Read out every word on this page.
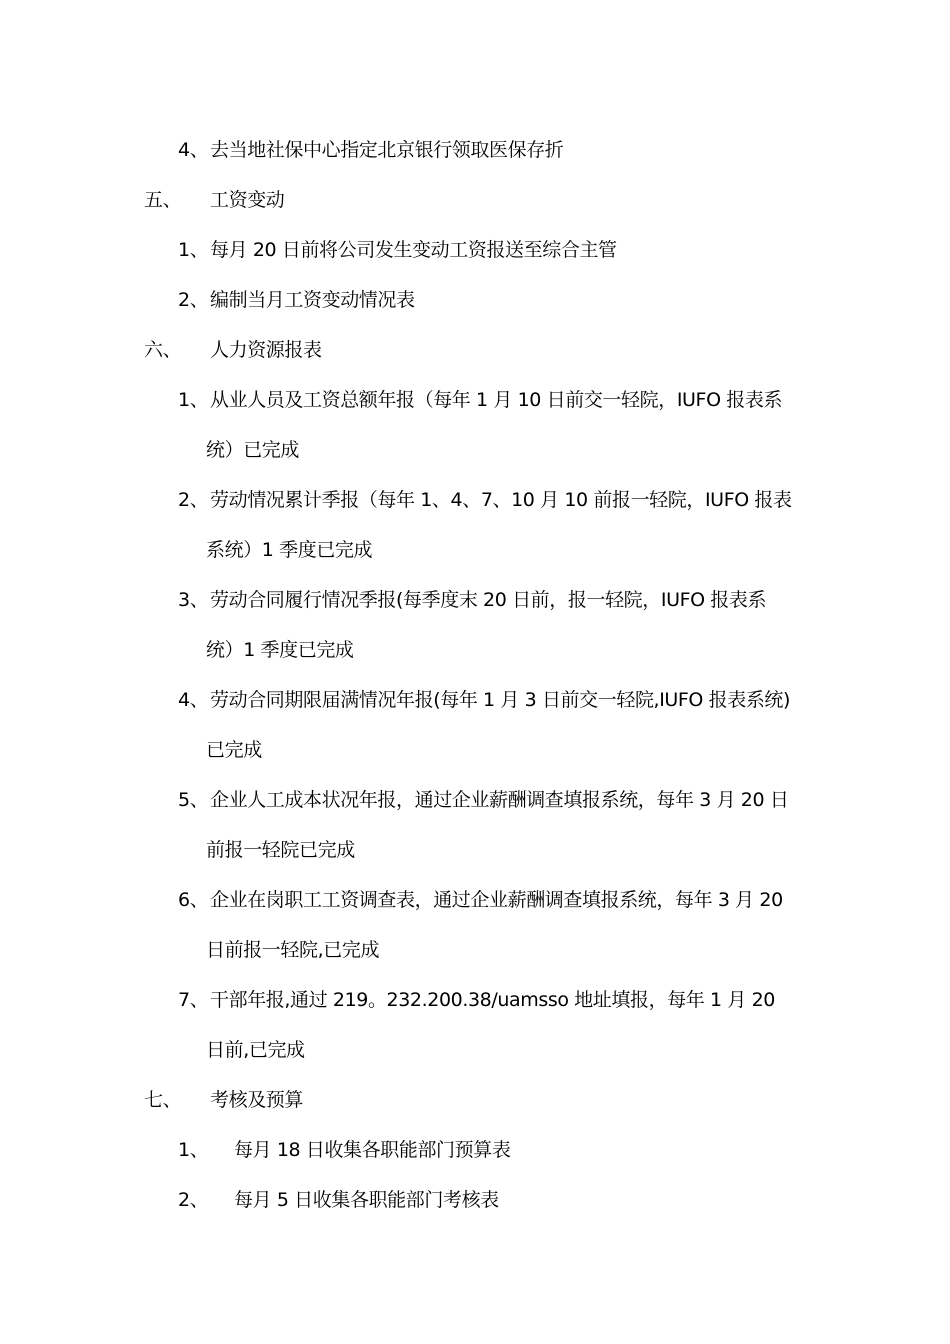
4、去当地社保中心指定北京银行领取医保存折
五、 工资变动
1、每月 20 日前将公司发生变动工资报送至综合主管
2、编制当月工资变动情况表
六、 人力资源报表
1、从业人员及工资总额年报（每年 1 月 10 日前交一轻院，IUFO 报表系
统）已完成
2、劳动情况累计季报（每年 1、4、7、10 月 10 前报一轻院，IUFO 报表
系统）1 季度已完成
3、劳动合同履行情况季报(每季度末 20 日前，报一轻院，IUFO 报表系
统）1 季度已完成
4、劳动合同期限届满情况年报(每年 1 月 3 日前交一轻院,IUFO 报表系统)
已完成
5、企业人工成本状况年报，通过企业薪酬调查填报系统，每年 3 月 20 日
前报一轻院已完成
6、企业在岗职工工资调查表，通过企业薪酬调查填报系统，每年 3 月 20
日前报一轻院,已完成
7、干部年报,通过 219。232.200.38/uamsso 地址填报，每年 1 月 20
日前,已完成
七、 考核及预算
1、 每月 18 日收集各职能部门预算表
2、 每月 5 日收集各职能部门考核表
